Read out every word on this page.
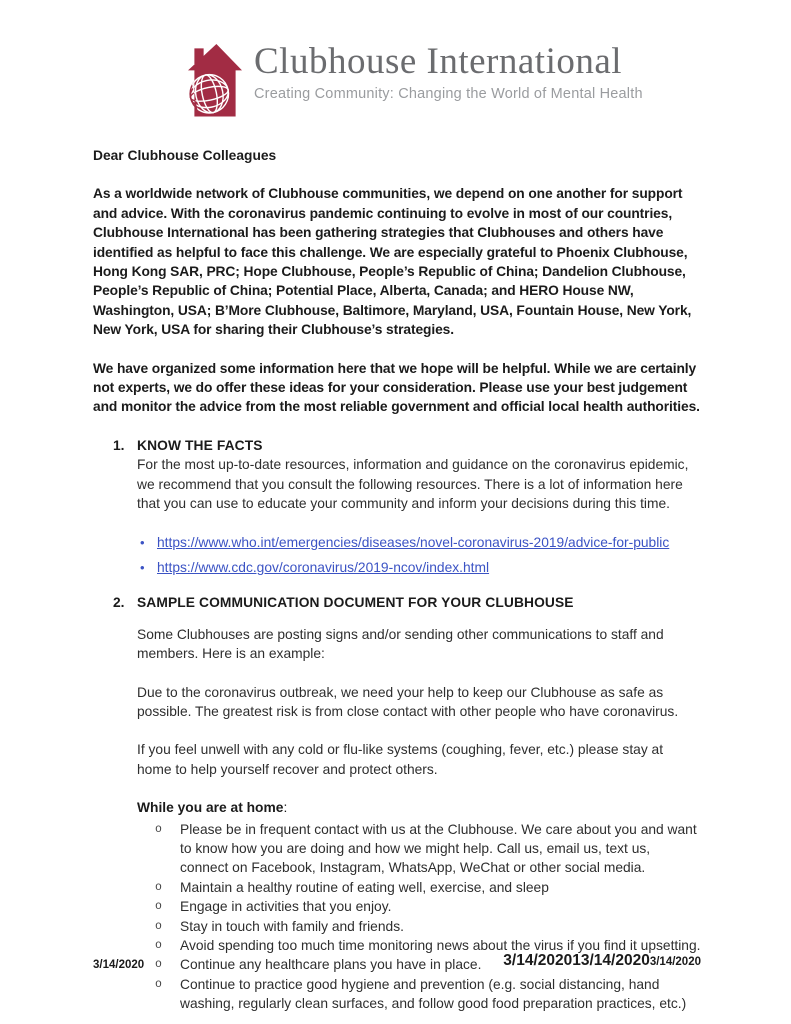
Clubhouse International
Creating Community: Changing the World of Mental Health

Dear Clubhouse Colleagues

As a worldwide network of Clubhouse communities, we depend on one another for support and advice. With the coronavirus pandemic continuing to evolve in most of our countries, Clubhouse International has been gathering strategies that Clubhouses and others have identified as helpful to face this challenge. We are especially grateful to Phoenix Clubhouse, Hong Kong SAR, PRC; Hope Clubhouse, People’s Republic of China; Dandelion Clubhouse, People’s Republic of China; Potential Place, Alberta, Canada; and HERO House NW, Washington, USA; B’More Clubhouse, Baltimore, Maryland, USA, Fountain House, New York, New York, USA for sharing their Clubhouse’s strategies.

We have organized some information here that we hope will be helpful. While we are certainly not experts, we do offer these ideas for your consideration. Please use your best judgement and monitor the advice from the most reliable government and official local health authorities.

1. KNOW THE FACTS

For the most up-to-date resources, information and guidance on the coronavirus epidemic, we recommend that you consult the following resources. There is a lot of information here that you can use to educate your community and inform your decisions during this time.

• https://www.who.int/emergencies/diseases/novel-coronavirus-2019/advice-for-public
• https://www.cdc.gov/coronavirus/2019-ncov/index.html
2. SAMPLE COMMUNICATION DOCUMENT FOR YOUR CLUBHOUSE

Some Clubhouses are posting signs and/or sending other communications to staff and members. Here is an example:

Due to the coronavirus outbreak, we need your help to keep our Clubhouse as safe as possible. The greatest risk is from close contact with other people who have coronavirus.

If you feel unwell with any cold or flu-like systems (coughing, fever, etc.) please stay at home to help yourself recover and protect others.

While you are at home:

o	Please be in frequent contact with us at the Clubhouse. We care about you and want to know how you are doing and how we might help. Call us, email us, text us, connect on Facebook, Instagram, WhatsApp, WeChat or other social media.
o	Maintain a healthy routine of eating well, exercise, and sleep
o	Engage in activities that you enjoy.
o	Stay in touch with family and friends.
o	Avoid spending too much time monitoring news about the virus if you find it upsetting.
o	Continue any healthcare plans you have in place.
o	Continue to practice good hygiene and prevention (e.g. social distancing, hand washing, regularly clean surfaces, and follow good food preparation practices, etc.)
3/14/2020	3/14/202013/14/2020 3/14/2020
